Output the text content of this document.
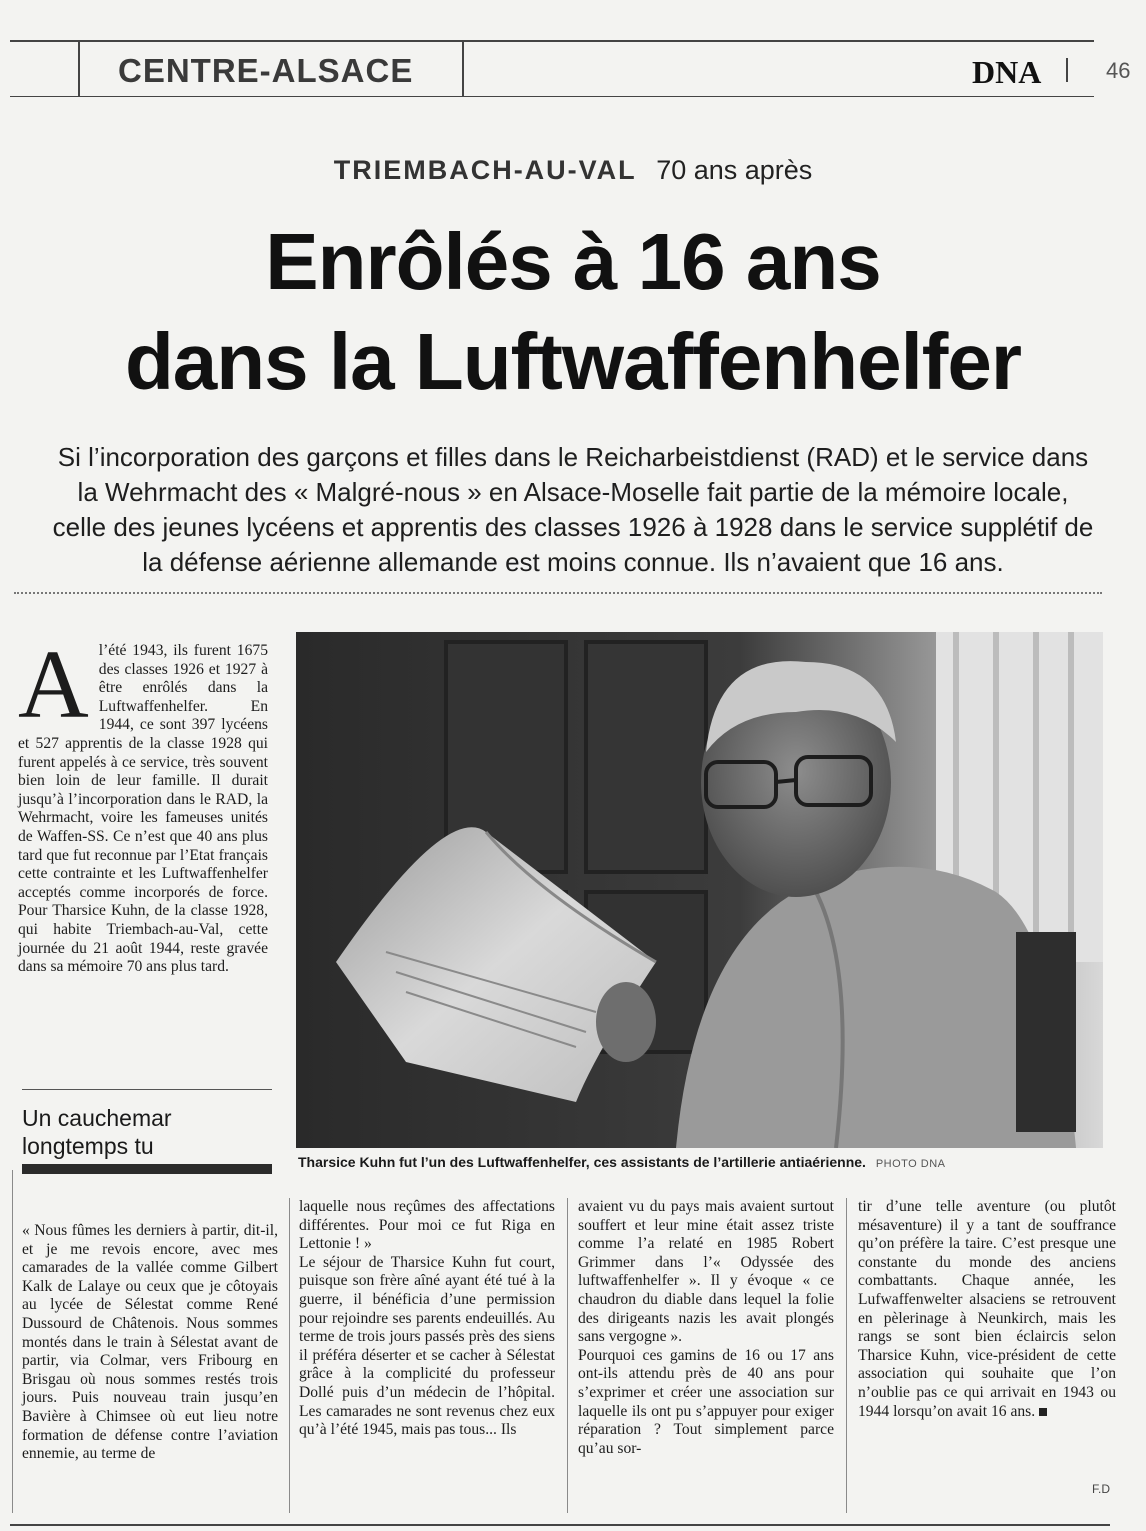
CENTRE-ALSACE	DNA	46
TRIEMBACH-AU-VAL 70 ans après
Enrôlés à 16 ans
dans la Luftwaffenhelfer
Si l’incorporation des garçons et filles dans le Reicharbeistdienst (RAD) et le service dans
la Wehrmacht des « Malgré-nous » en Alsace-Moselle fait partie de la mémoire locale,
celle des jeunes lycéens et apprentis des classes 1926 à 1928 dans le service supplétif de
la défense aérienne allemande est moins connue. Ils n’avaient que 16 ans.
A l’été 1943, ils furent 1675 des classes 1926 et 1927 à être enrôlés dans la Luftwaffenhelfer. En 1944, ce sont 397 lycéens et 527 apprentis de la classe 1928 qui furent appelés à ce service, très souvent bien loin de leur famille. Il durait jusqu’à l’incorporation dans le RAD, la Wehrmacht, voire les fameuses unités de Waffen-SS. Ce n’est que 40 ans plus tard que fut reconnue par l’Etat français cette contrainte et les Luftwaffenhelfer acceptés comme incorporés de force. Pour Tharsice Kuhn, de la classe 1928, qui habite Triembach-au-Val, cette journée du 21 août 1944, reste gravée dans sa mémoire 70 ans plus tard.

Tharsice Kuhn fut l’un des Luftwaffenhelfer, ces assistants de l’artillerie antiaérienne. PHOTO DNA
Un cauchemar
longtemps tu

« Nous fûmes les derniers à partir, dit-il, et je me revois encore, avec mes camarades de la vallée comme Gilbert Kalk de Lalaye ou ceux que je côtoyais au lycée de Sélestat comme René Dussourd de Châtenois. Nous sommes montés dans le train à Sélestat avant de partir, via Colmar, vers Fribourg en Brisgau où nous sommes restés trois jours. Puis nouveau train jusqu’en Bavière à Chimsee où eut lieu notre formation de défense contre l’aviation ennemie, au terme de

laquelle nous reçûmes des affectations différentes. Pour moi ce fut Riga en Lettonie ! »

Le séjour de Tharsice Kuhn fut court, puisque son frère aîné ayant été tué à la guerre, il bénéficia d’une permission pour rejoindre ses parents endeuillés. Au terme de trois jours passés près des siens il préféra déserter et se cacher à Sélestat grâce à la complicité du professeur Dollé puis d’un médecin de l’hôpital. Les camarades ne sont revenus chez eux qu’à l’été 1945, mais pas tous... Ils

avaient vu du pays mais avaient surtout souffert et leur mine était assez triste comme l’a relaté en 1985 Robert Grimmer dans l’« Odyssée des luftwaffenhelfer ». Il y évoque « ce chaudron du diable dans lequel la folie des dirigeants nazis les avait plongés sans vergogne ».

Pourquoi ces gamins de 16 ou 17 ans ont-ils attendu près de 40 ans pour s’exprimer et créer une association sur laquelle ils ont pu s’appuyer pour exiger réparation ? Tout simplement parce qu’au sor-

tir d’une telle aventure (ou plutôt mésaventure) il y a tant de souffrance qu’on préfère la taire. C’est presque une constante du monde des anciens combattants. Chaque année, les Lufwaffenwelter alsaciens se retrouvent en pèlerinage à Neunkirch, mais les rangs se sont bien éclaircis selon Tharsice Kuhn, vice-président de cette association qui souhaite que l’on n’oublie pas ce qui arrivait en 1943 ou 1944 lorsqu’on avait 16 ans.

F.D
